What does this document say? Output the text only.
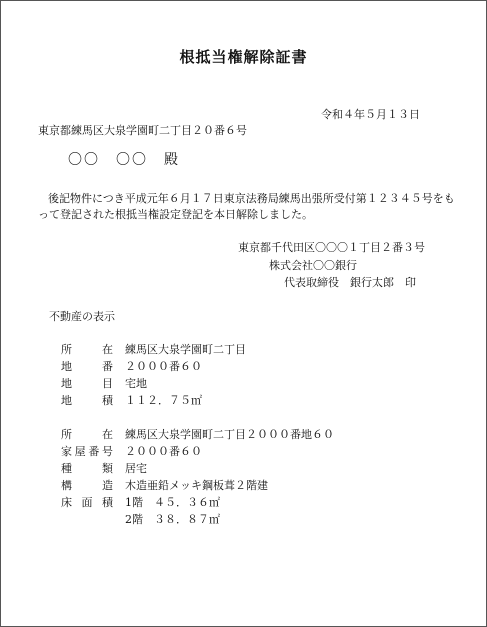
根抵当権解除証書
令和４年５月１３日
東京都練馬区大泉学園町二丁目２０番６号
〇〇　〇〇　殿
後記物件につき平成元年６月１７日東京法務局練馬出張所受付第１２３４５号をも
って登記された根抵当権設定登記を本日解除しました。
東京都千代田区〇〇〇１丁目２番３号
株式会社〇〇銀行
代表取締役　銀行太郎　印
不動産の表示
所在 練馬区大泉学園町二丁目
地番 ２０００番６０
地目 宅地
地積 １１２．７５㎡
所在 練馬区大泉学園町二丁目２０００番地６０
家屋番号 ２０００番６０
種類 居宅
構造 木造亜鉛メッキ鋼板葺２階建
床面積 1階　４５．３６㎡
2階　３８．８７㎡
